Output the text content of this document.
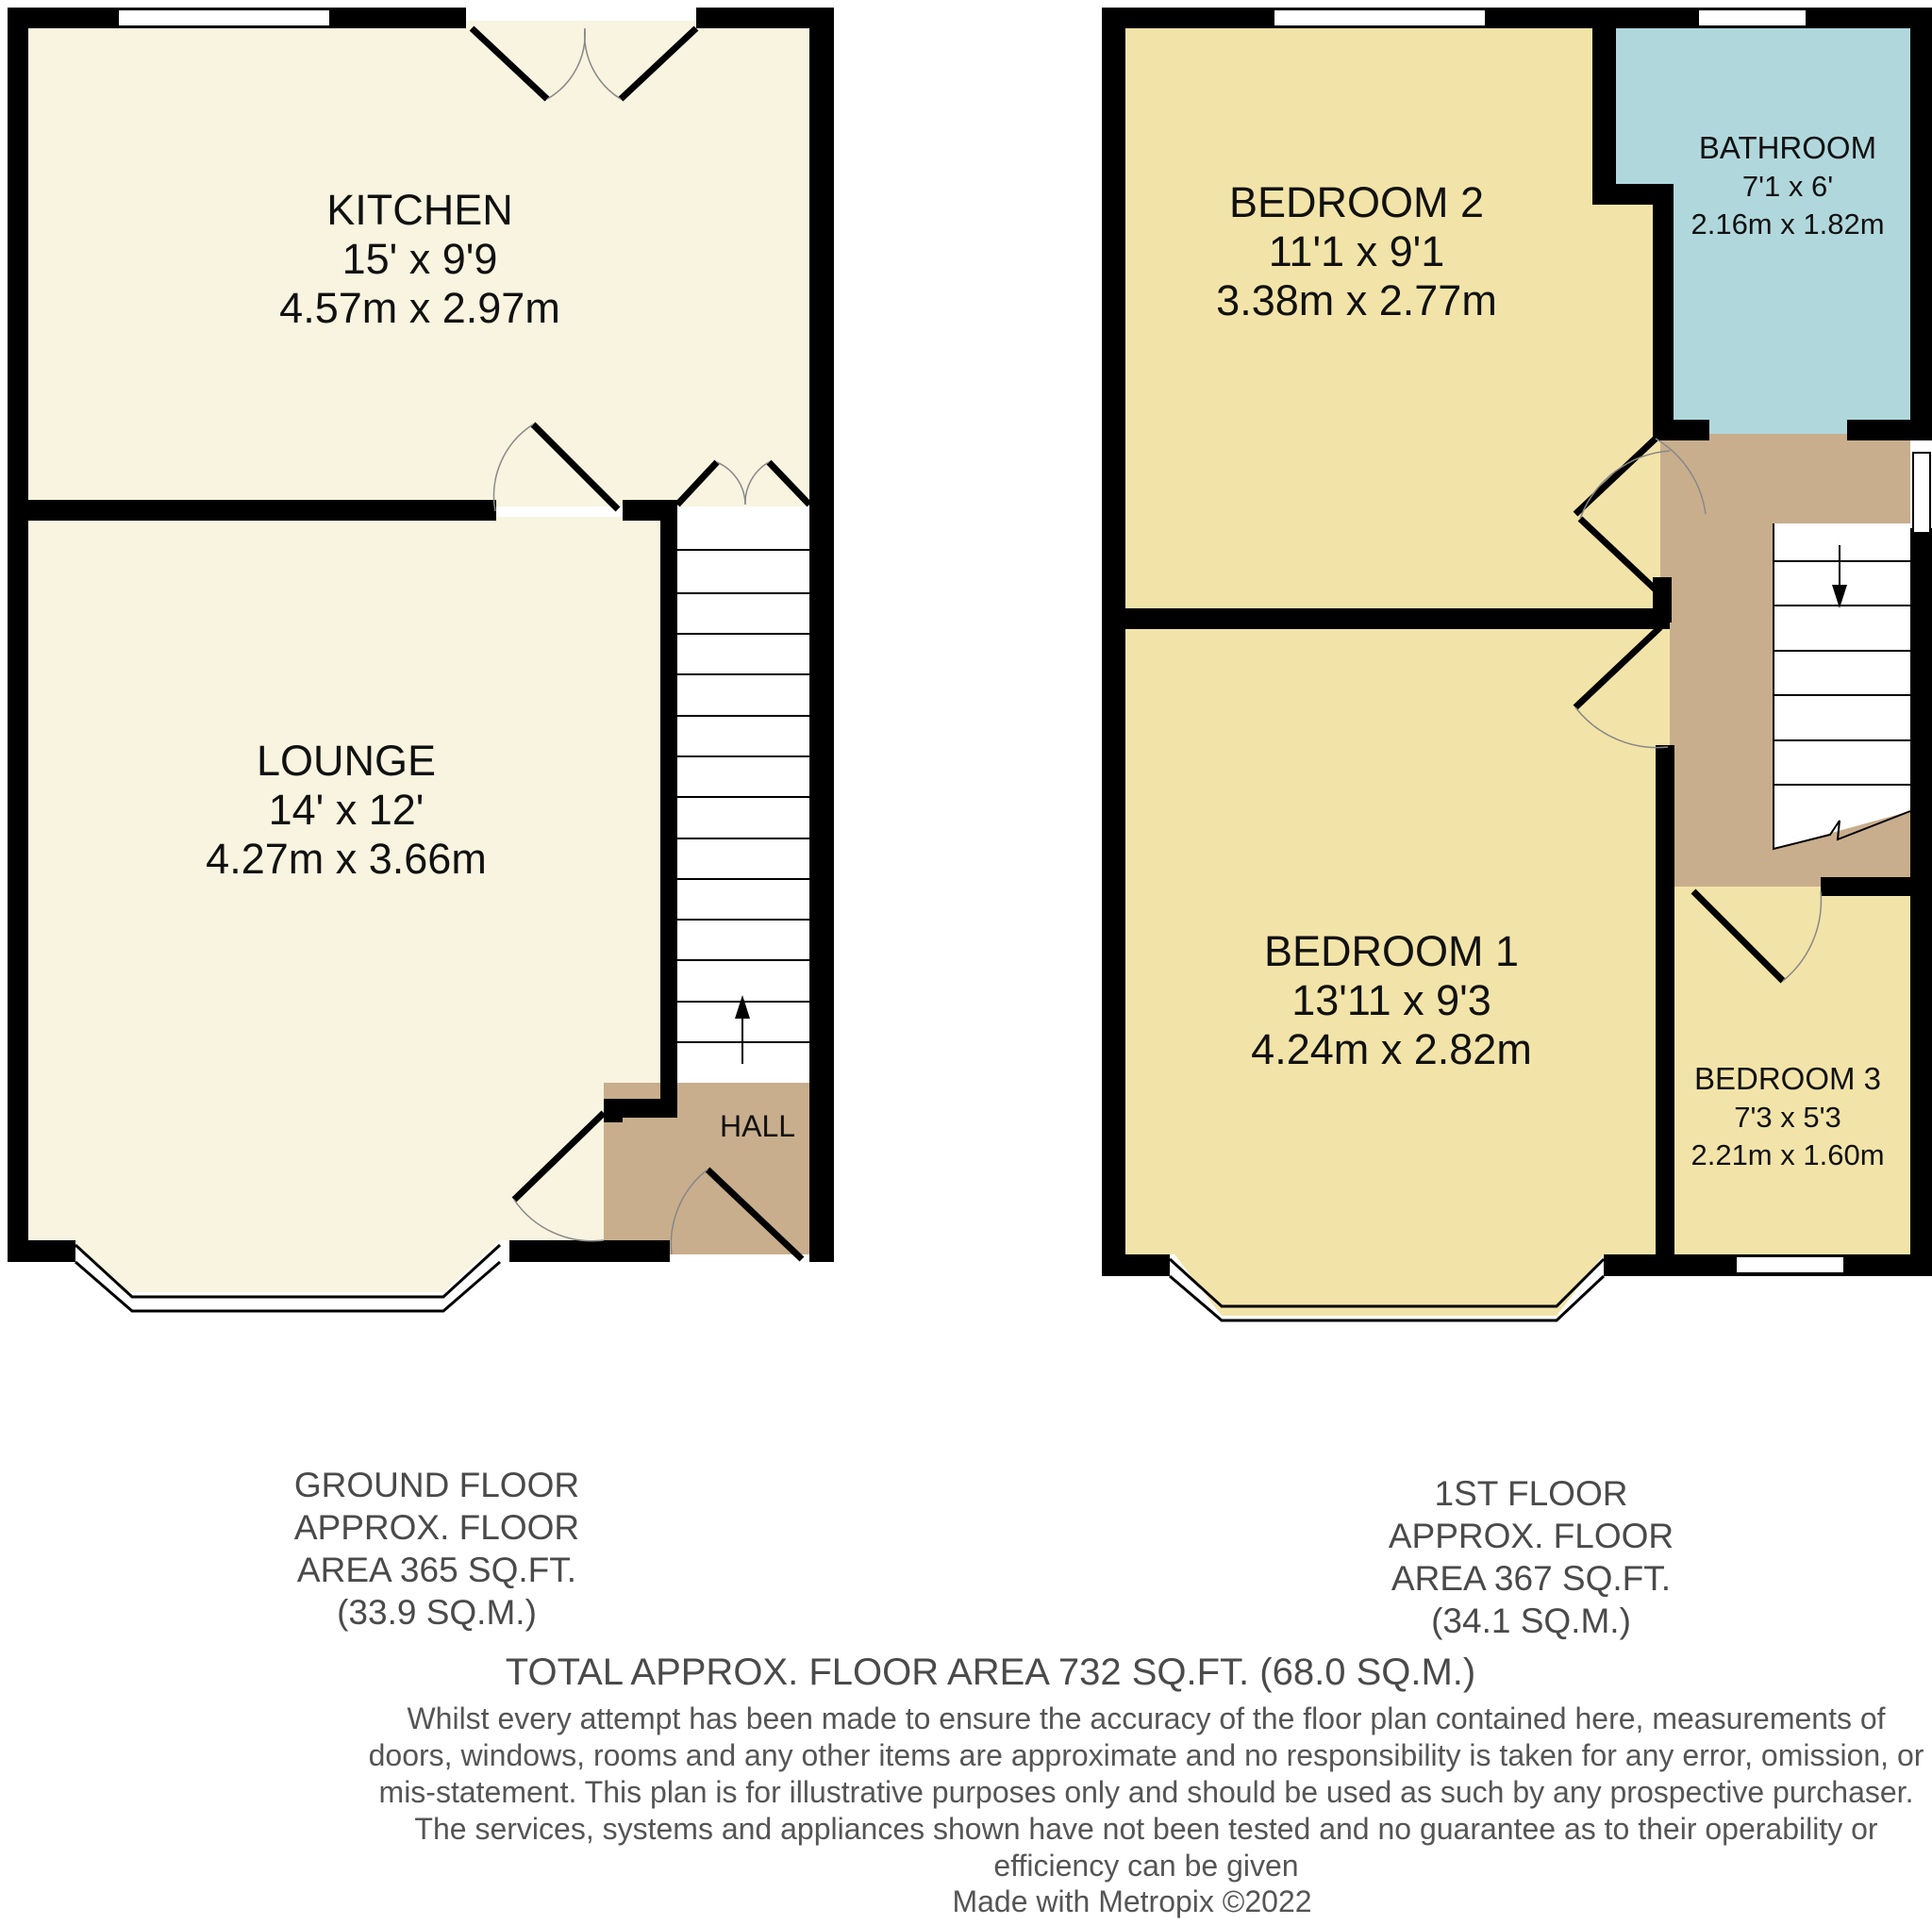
KITCHEN
15' x 9'9
4.57m x 2.97m
LOUNGE
14' x 12'
4.27m x 3.66m
HALL
BEDROOM 2
11'1 x 9'1
3.38m x 2.77m
BATHROOM
7'1 x 6'
2.16m x 1.82m
BEDROOM 1
13'11 x 9'3
4.24m x 2.82m
BEDROOM 3
7'3 x 5'3
2.21m x 1.60m
GROUND FLOOR
APPROX. FLOOR
AREA 365 SQ.FT.
(33.9 SQ.M.)
1ST FLOOR
APPROX. FLOOR
AREA 367 SQ.FT.
(34.1 SQ.M.)
TOTAL APPROX. FLOOR AREA 732 SQ.FT. (68.0 SQ.M.)
Whilst every attempt has been made to ensure the accuracy of the floor plan contained here, measurements of doors, windows, rooms and any other items are approximate and no responsibility is taken for any error, omission, or mis-statement. This plan is for illustrative purposes only and should be used as such by any prospective purchaser. The services, systems and appliances shown have not been tested and no guarantee as to their operability or efficiency can be given
Made with Metropix ©2022
